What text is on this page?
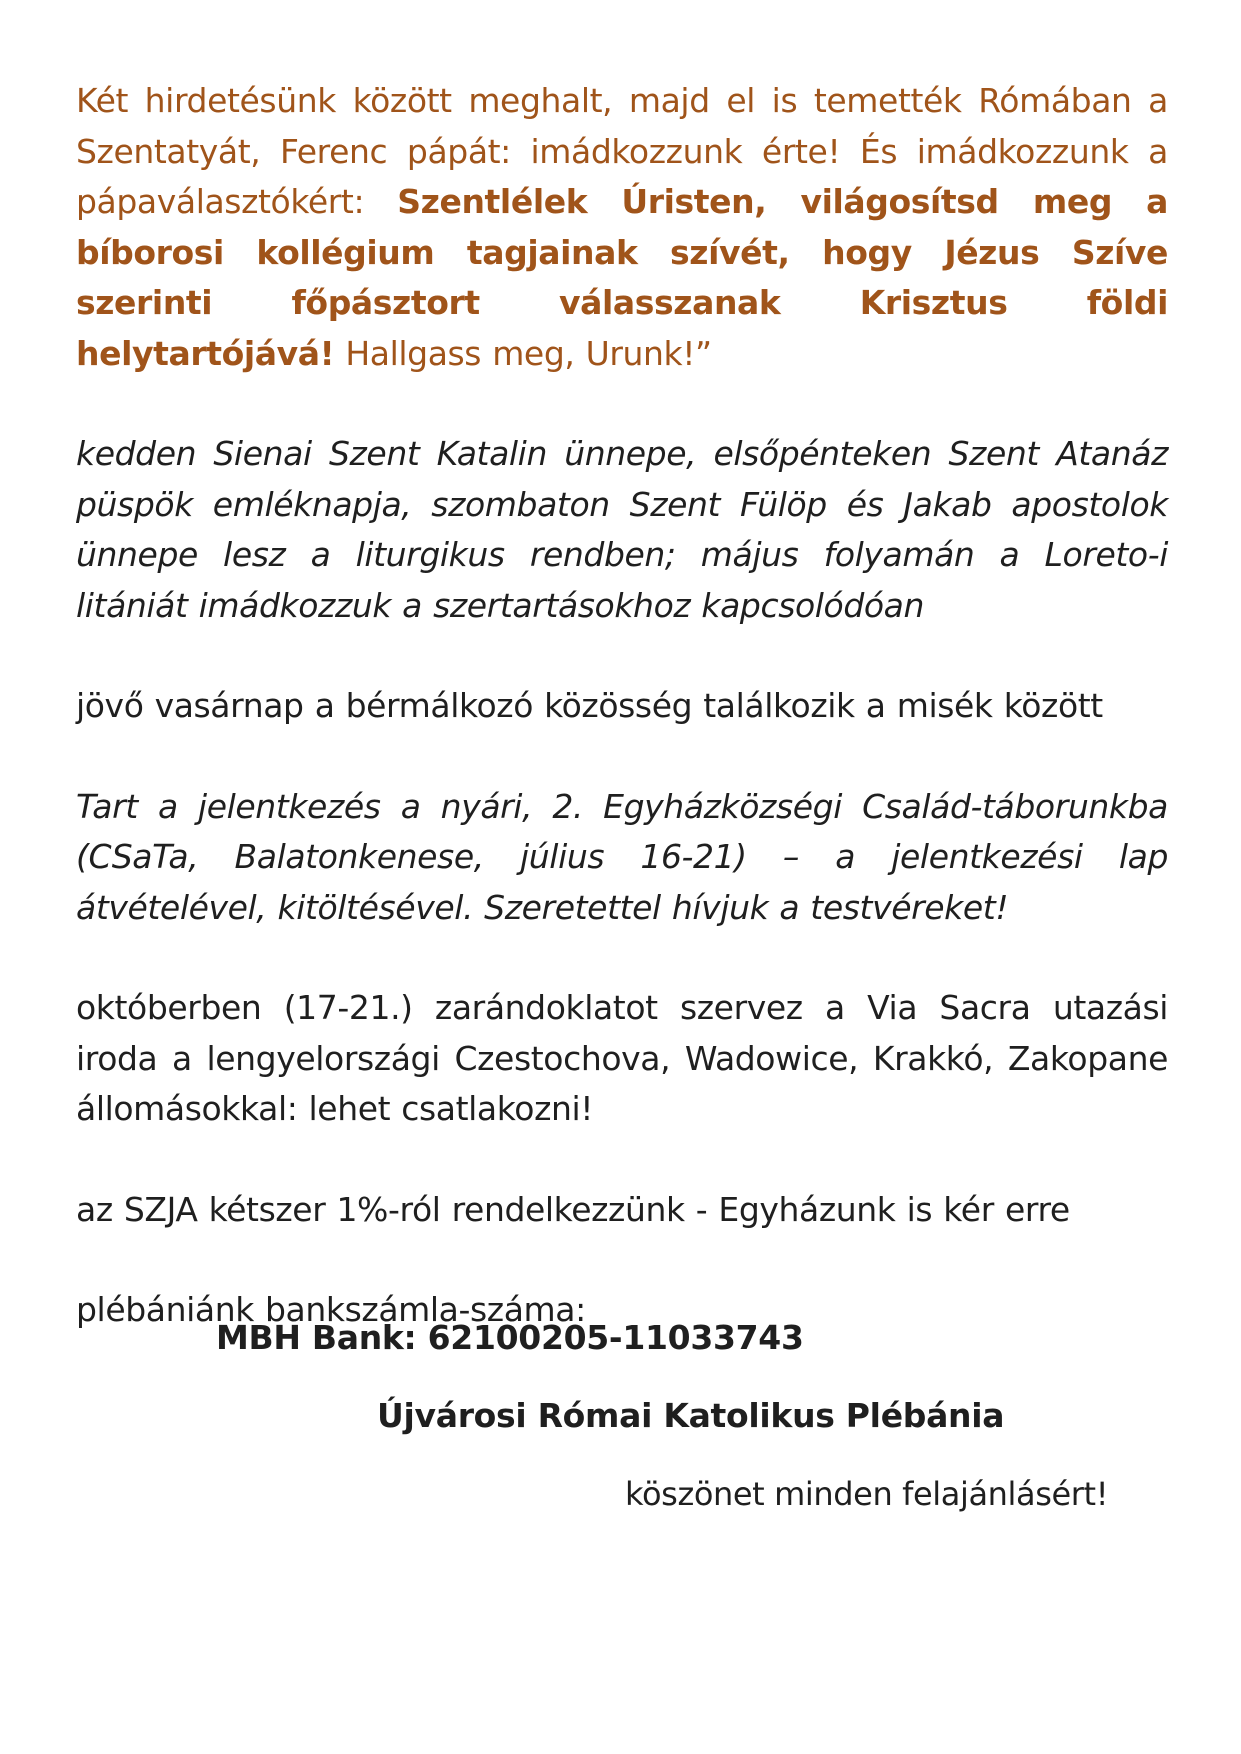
Két hirdetésünk között meghalt, majd el is temették Rómában a Szentatyát, Ferenc pápát: imádkozzunk érte! És imádkozzunk a pápaválasztókért: Szentlélek Úristen, világosítsd meg a bíborosi kollégium tagjainak szívét, hogy Jézus Szíve szerinti főpásztort válasszanak Krisztus földi helytartójává! Hallgass meg, Urunk!”

kedden Sienai Szent Katalin ünnepe, elsőpénteken Szent Atanáz püspök emléknapja, szombaton Szent Fülöp és Jakab apostolok ünnepe lesz a liturgikus rendben; május folyamán a Loreto-i litániát imádkozzuk a szertartásokhoz kapcsolódóan

jövő vasárnap a bérmálkozó közösség találkozik a misék között

Tart a jelentkezés a nyári, 2. Egyházközségi Család-táborunkba (CSaTa, Balatonkenese, július 16-21) – a jelentkezési lap átvételével, kitöltésével. Szeretettel hívjuk a testvéreket!

októberben (17-21.) zarándoklatot szervez a Via Sacra utazási iroda a lengyelországi Czestochova, Wadowice, Krakkó, Zakopane állomásokkal: lehet csatlakozni!

az SZJA kétszer 1%-ról rendelkezzünk - Egyházunk is kér erre

plébániánk bankszámla-száma:

MBH Bank: 62100205-11033743

Újvárosi Római Katolikus Plébánia

köszönet minden felajánlásért!
